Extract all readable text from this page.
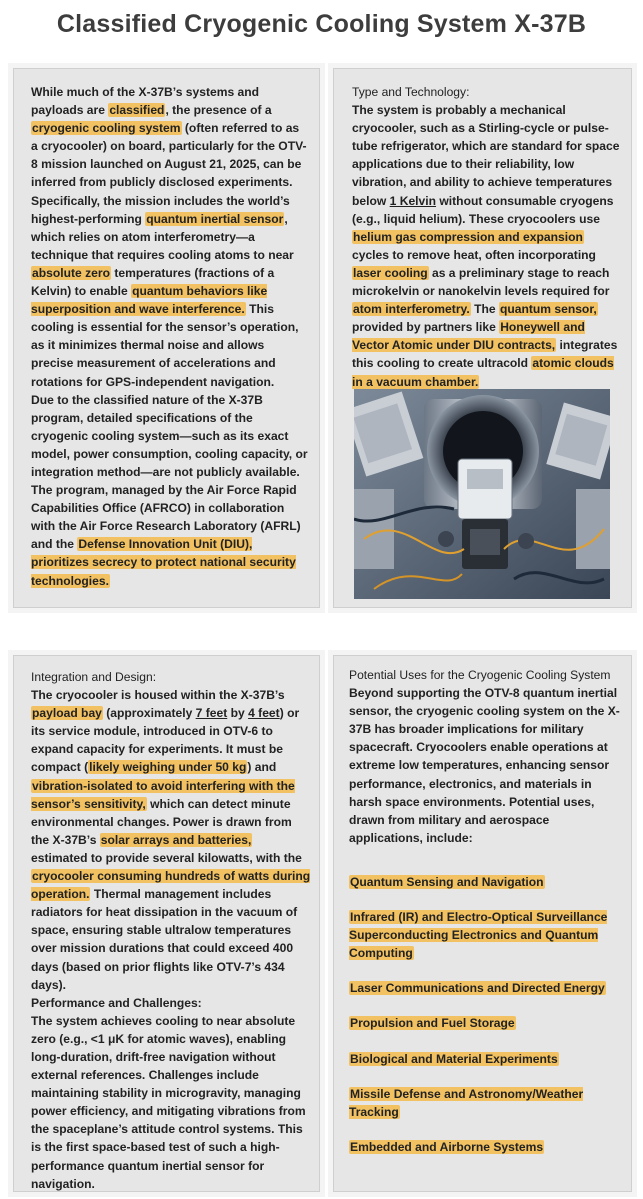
Classified Cryogenic Cooling System X-37B
While much of the X-37B’s systems and payloads are classified, the presence of a cryogenic cooling system (often referred to as a cryocooler) on board, particularly for the OTV-8 mission launched on August 21, 2025, can be inferred from publicly disclosed experiments. Specifically, the mission includes the world’s highest-performing quantum inertial sensor, which relies on atom interferometry—a technique that requires cooling atoms to near absolute zero temperatures (fractions of a Kelvin) to enable quantum behaviors like superposition and wave interference. This cooling is essential for the sensor’s operation, as it minimizes thermal noise and allows precise measurement of accelerations and rotations for GPS-independent navigation.
Due to the classified nature of the X-37B program, detailed specifications of the cryogenic cooling system—such as its exact model, power consumption, cooling capacity, or integration method—are not publicly available. The program, managed by the Air Force Rapid Capabilities Office (AFRCO) in collaboration with the Air Force Research Laboratory (AFRL) and the Defense Innovation Unit (DIU), prioritizes secrecy to protect national security technologies.
Type and Technology:
The system is probably a mechanical cryocooler, such as a Stirling-cycle or pulse-tube refrigerator, which are standard for space applications due to their reliability, low vibration, and ability to achieve temperatures below 1 Kelvin without consumable cryogens (e.g., liquid helium). These cryocoolers use helium gas compression and expansion cycles to remove heat, often incorporating laser cooling as a preliminary stage to reach microkelvin or nanokelvin levels required for atom interferometry. The quantum sensor, provided by partners like Honeywell and Vector Atomic under DIU contracts, integrates this cooling to create ultracold atomic clouds in a vacuum chamber.
Integration and Design:
The cryocooler is housed within the X-37B’s payload bay (approximately 7 feet by 4 feet) or its service module, introduced in OTV-6 to expand capacity for experiments. It must be compact (likely weighing under 50 kg) and vibration-isolated to avoid interfering with the sensor’s sensitivity, which can detect minute environmental changes. Power is drawn from the X-37B’s solar arrays and batteries, estimated to provide several kilowatts, with the cryocooler consuming hundreds of watts during operation. Thermal management includes radiators for heat dissipation in the vacuum of space, ensuring stable ultralow temperatures over mission durations that could exceed 400 days (based on prior flights like OTV-7’s 434 days).
Performance and Challenges:
The system achieves cooling to near absolute zero (e.g., <1 μK for atomic waves), enabling long-duration, drift-free navigation without external references. Challenges include maintaining stability in microgravity, managing power efficiency, and mitigating vibrations from the spaceplane’s attitude control systems. This is the first space-based test of such a high-performance quantum inertial sensor for navigation.
Potential Uses for the Cryogenic Cooling System
Beyond supporting the OTV-8 quantum inertial sensor, the cryogenic cooling system on the X-37B has broader implications for military spacecraft. Cryocoolers enable operations at extreme low temperatures, enhancing sensor performance, electronics, and materials in harsh space environments. Potential uses, drawn from military and aerospace applications, include:
Quantum Sensing and Navigation
Infrared (IR) and Electro-Optical Surveillance Superconducting Electronics and Quantum Computing
Laser Communications and Directed Energy
Propulsion and Fuel Storage
Biological and Material Experiments
Missile Defense and Astronomy/Weather Tracking
Embedded and Airborne Systems
